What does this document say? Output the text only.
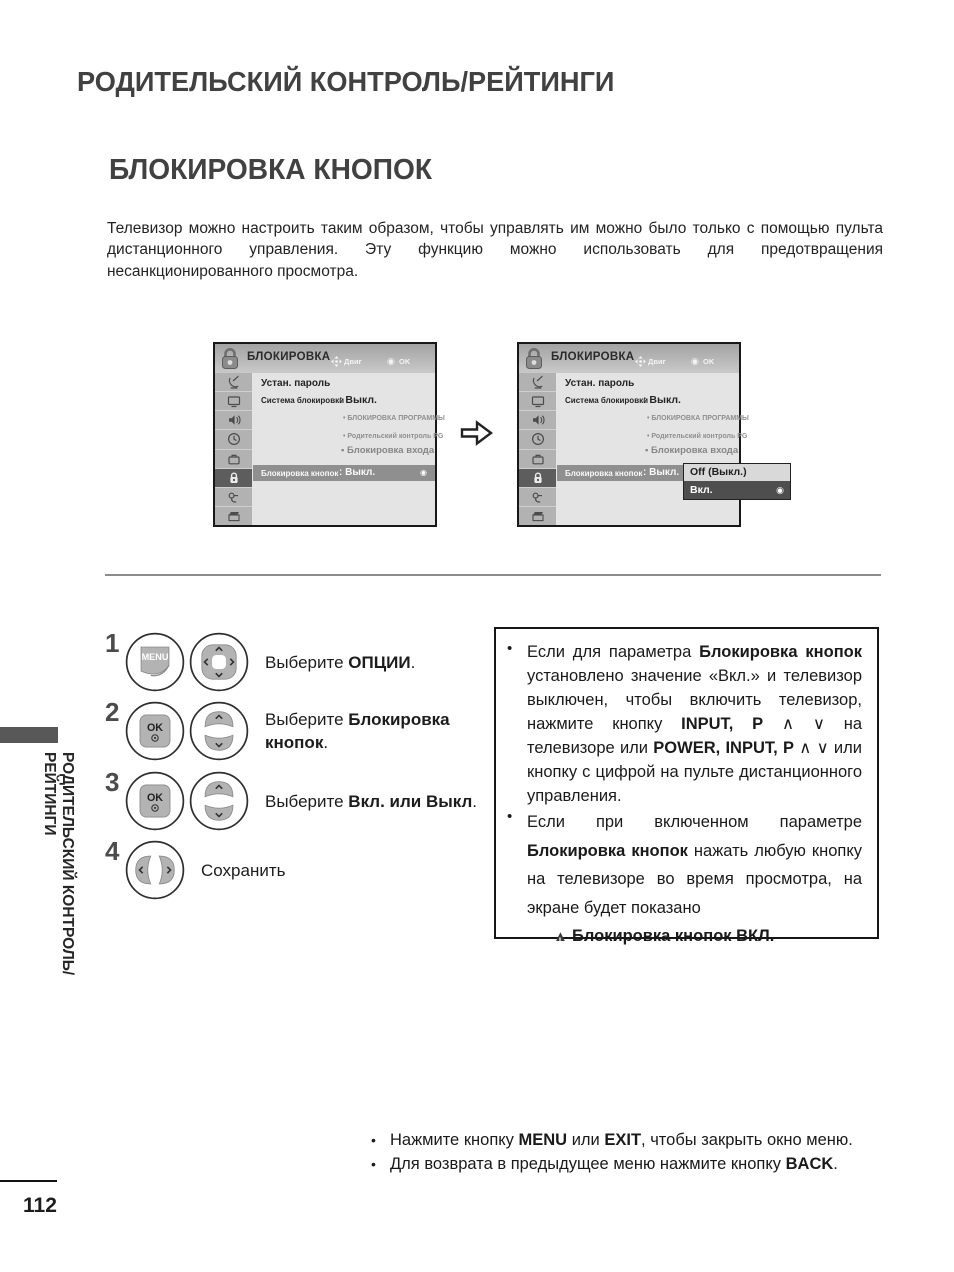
РОДИТЕЛЬСКИЙ КОНТРОЛЬ/РЕЙТИНГИ
БЛОКИРОВКА КНОПОК

Телевизор можно настроить таким образом, чтобы управлять им можно было только с помощью пульта дистанционного управления. Эту функцию можно использовать для предотвращения несанкционированного просмотра.

БЛОКИРОВКА Двиг ◉	OK
Устан. пароль
Система блокировки
: Выкл.
• БЛОКИРОВКА ПРОГРАММЫ
• Родительский контроль PG
• Блокировка входа
Блокировка кнопок : Выкл.
◉
БЛОКИРОВКА Двиг ◉	OK
Устан. пароль
Система блокировки
: Выкл.
• БЛОКИРОВКА ПРОГРАММЫ
• Родительский контроль PG
• Блокировка входа
Блокировка кнопок : Выкл.	Off (Выкл.)
Вкл.
◉
1	MENU	Выберите ОПЦИИ.
2
OK	Выберите Блокировка кнопок.
3
OK	Выберите Вкл. или Выкл.
4
Сохранить
•
Если для параметра Блокировка кнопок установлено значение «Вкл.» и телевизор выключен, чтобы включить телевизор, нажмите кнопку INPUT, P ∧ ∨ на телевизоре или POWER, INPUT, P ∧ ∨ или кнопку с цифрой на пульте дистанционного управления.
•
Если при включенном параметре Блокировка кнопок нажать любую кнопку на телевизоре во время просмотра, на экране будет показано
▲ !Блокировка кнопок ВКЛ.
•
Нажмите кнопку MENU или EXIT, чтобы закрыть окно меню.
•
Для возврата в предыдущее меню нажмите кнопку BACK.
РОДИТЕЛЬСКИЙ КОНТРОЛЬ/
РЕЙТИНГИ
112
